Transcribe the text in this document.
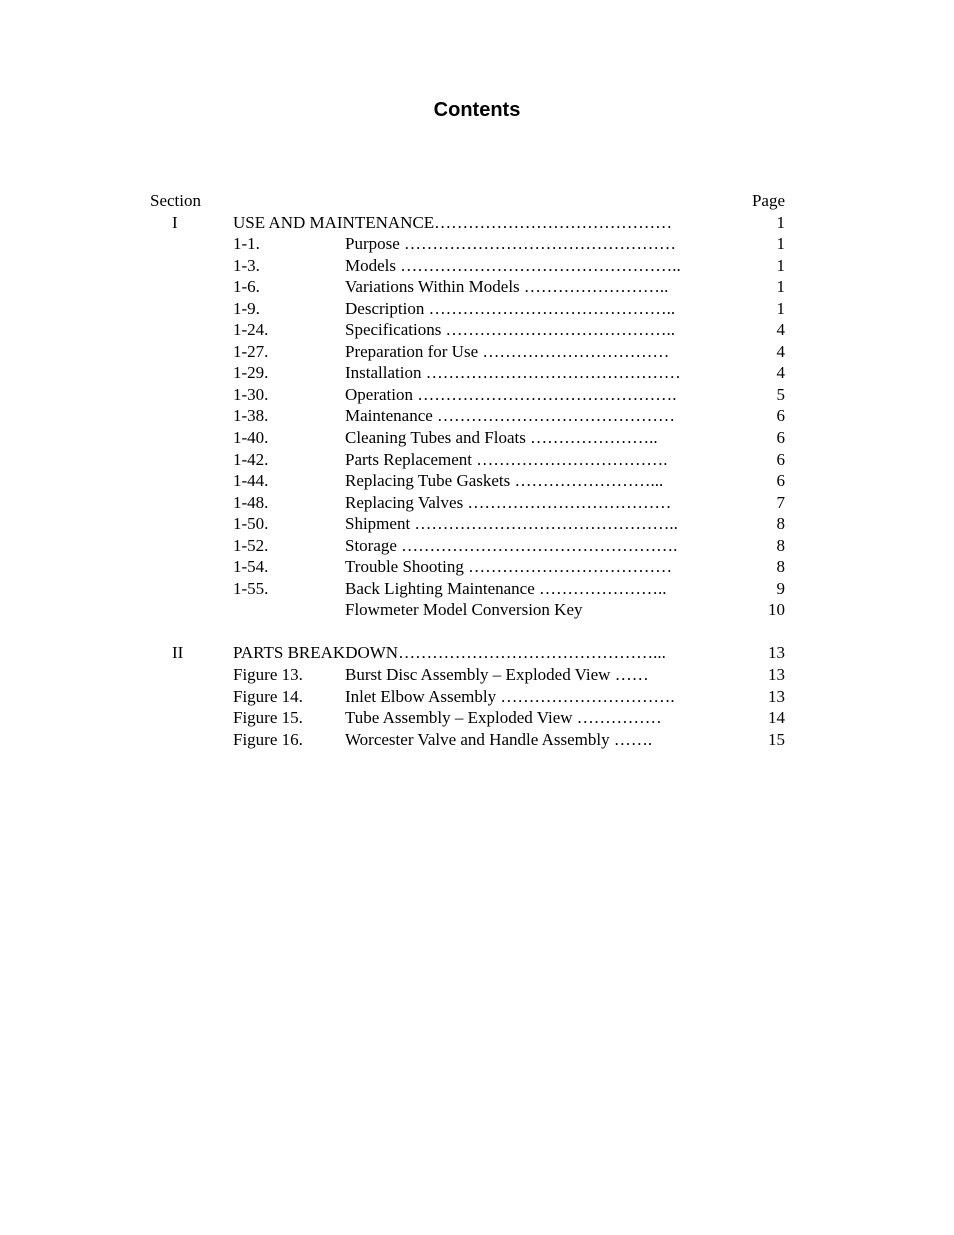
Contents
Section	Page
I	USE AND MAINTENANCE……………………………………	1
1-1.	Purpose …………………………………………	1
1-3.	Models …………………………………………..	1
1-6.	Variations Within Models ……………………..	1
1-9.	Description ……………………………………..	1
1-24.	Specifications …………………………………..	4
1-27.	Preparation for Use ……………………………	4
1-29.	Installation ………………………………………	4
1-30.	Operation ……………………………………….	5
1-38.	Maintenance ……………………………………	6
1-40.	Cleaning Tubes and Floats …………………..	6
1-42.	Parts Replacement …………………………….	6
1-44.	Replacing Tube Gaskets ……………………...	6
1-48.	Replacing Valves ………………………………	7
1-50.	Shipment ………………………………………..	8
1-52.	Storage ………………………………………….	8
1-54.	Trouble Shooting ………………………………	8
1-55.	Back Lighting Maintenance …………………..	9
Flowmeter Model Conversion Key	10
II	PARTS BREAKDOWN………………………………………...	13
Figure 13. Burst Disc Assembly – Exploded View ……	13
Figure 14. Inlet Elbow Assembly ………………………….	13
Figure 15. Tube Assembly – Exploded View ……………	14
Figure 16. Worcester Valve and Handle Assembly …….	15
